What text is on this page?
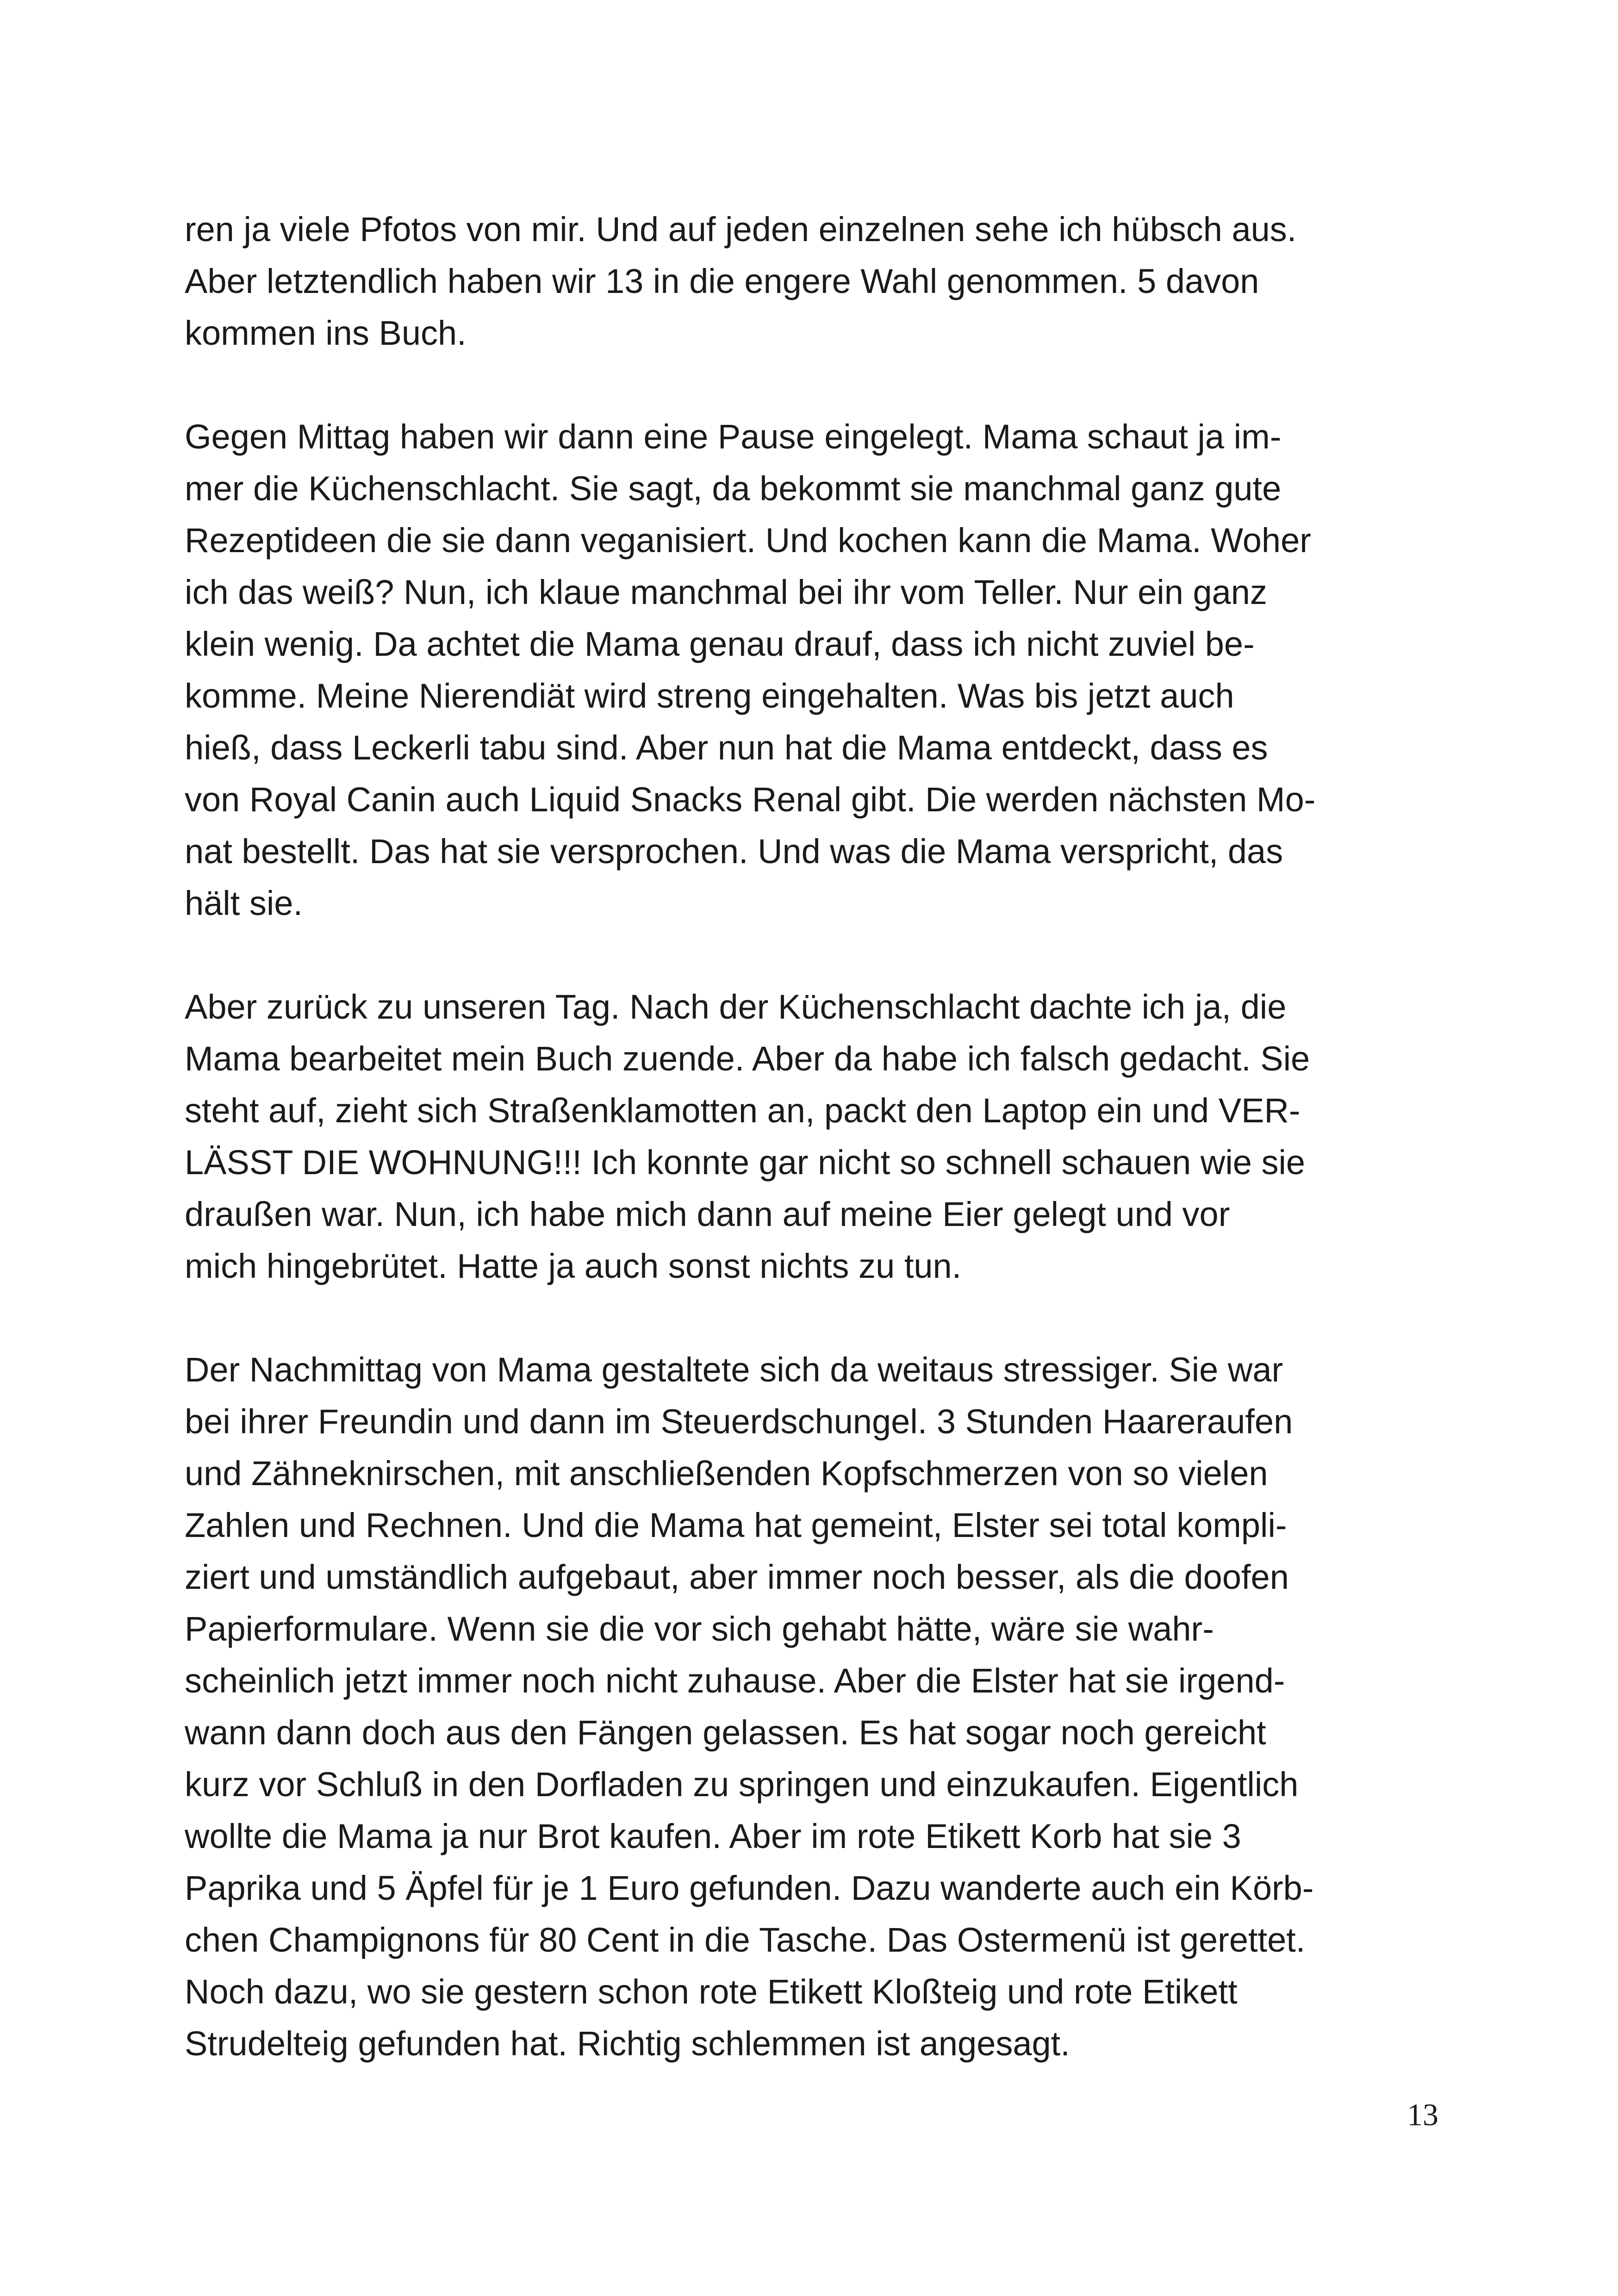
ren ja viele Pfotos von mir. Und auf jeden einzelnen sehe ich hübsch aus.
Aber letztendlich haben wir 13 in die engere Wahl genommen. 5 davon
kommen ins Buch.

Gegen Mittag haben wir dann eine Pause eingelegt. Mama schaut ja im-
mer die Küchenschlacht. Sie sagt, da bekommt sie manchmal ganz gute
Rezeptideen die sie dann veganisiert. Und kochen kann die Mama. Woher
ich das weiß? Nun, ich klaue manchmal bei ihr vom Teller. Nur ein ganz
klein wenig. Da achtet die Mama genau drauf, dass ich nicht zuviel be-
komme. Meine Nierendiät wird streng eingehalten. Was bis jetzt auch
hieß, dass Leckerli tabu sind. Aber nun hat die Mama entdeckt, dass es
von Royal Canin auch Liquid Snacks Renal gibt. Die werden nächsten Mo-
nat bestellt. Das hat sie versprochen. Und was die Mama verspricht, das
hält sie.

Aber zurück zu unseren Tag. Nach der Küchenschlacht dachte ich ja, die
Mama bearbeitet mein Buch zuende. Aber da habe ich falsch gedacht. Sie
steht auf, zieht sich Straßenklamotten an, packt den Laptop ein und VER-
LÄSST DIE WOHNUNG!!! Ich konnte gar nicht so schnell schauen wie sie
draußen war. Nun, ich habe mich dann auf meine Eier gelegt und vor
mich hingebrütet. Hatte ja auch sonst nichts zu tun.

Der Nachmittag von Mama gestaltete sich da weitaus stressiger. Sie war
bei ihrer Freundin und dann im Steuerdschungel. 3 Stunden Haareraufen
und Zähneknirschen, mit anschließenden Kopfschmerzen von so vielen
Zahlen und Rechnen. Und die Mama hat gemeint, Elster sei total kompli-
ziert und umständlich aufgebaut, aber immer noch besser, als die doofen
Papierformulare. Wenn sie die vor sich gehabt hätte, wäre sie wahr-
scheinlich jetzt immer noch nicht zuhause. Aber die Elster hat sie irgend-
wann dann doch aus den Fängen gelassen. Es hat sogar noch gereicht
kurz vor Schluß in den Dorfladen zu springen und einzukaufen. Eigentlich
wollte die Mama ja nur Brot kaufen. Aber im rote Etikett Korb hat sie 3
Paprika und 5 Äpfel für je 1 Euro gefunden. Dazu wanderte auch ein Körb-
chen Champignons für 80 Cent in die Tasche. Das Ostermenü ist gerettet.
Noch dazu, wo sie gestern schon rote Etikett Kloßteig und rote Etikett
Strudelteig gefunden hat. Richtig schlemmen ist angesagt.

13
